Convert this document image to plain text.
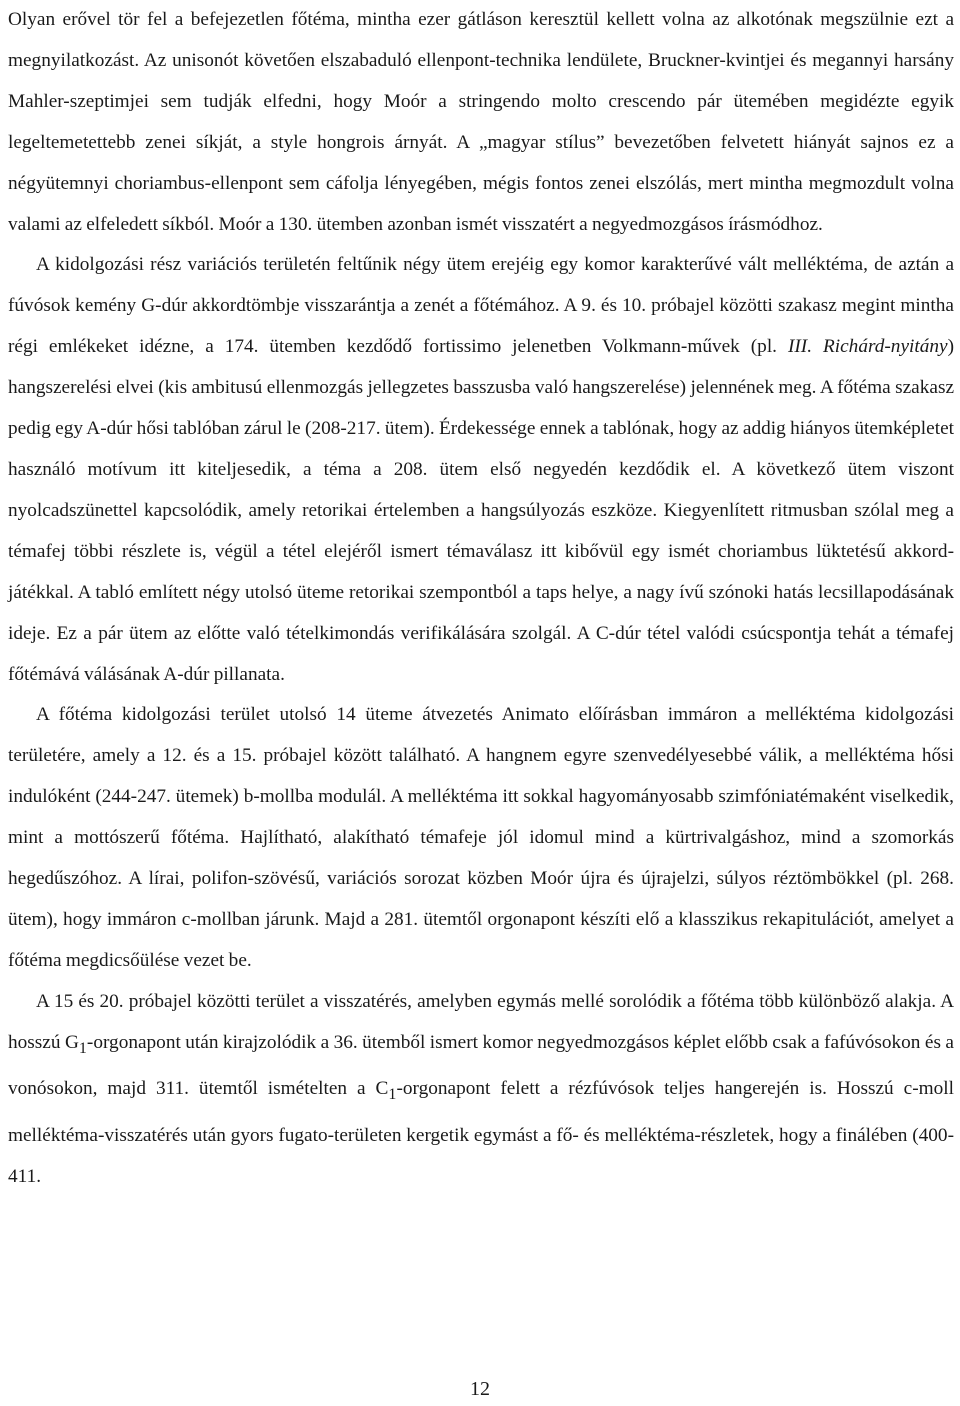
Olyan erővel tör fel a befejezetlen főtéma, mintha ezer gátláson keresztül kellett volna az alkotónak megszülnie ezt a megnyilatkozást. Az unisonót követően elszabaduló ellenpont-technika lendülete, Bruckner-kvintjei és megannyi harsány Mahler-szeptimjei sem tudják elfedni, hogy Moór a stringendo molto crescendo pár ütemében megidézte egyik legeltemetettebb zenei síkját, a style hongrois árnyát. A „magyar stílus” bevezetőben felvetett hiányát sajnos ez a négyütemnyi choriambus-ellenpont sem cáfolja lényegében, mégis fontos zenei elszólás, mert mintha megmozdult volna valami az elfeledett síkból. Moór a 130. ütemben azonban ismét visszatért a negyedmozgásos írásmódhoz.

A kidolgozási rész variációs területén feltűnik négy ütem erejéig egy komor karakterűvé vált melléktéma, de aztán a fúvósok kemény G-dúr akkordtömbje visszarántja a zenét a főtémához. A 9. és 10. próbajel közötti szakasz megint mintha régi emlékeket idézne, a 174. ütemben kezdődő fortissimo jelenetben Volkmann-művek (pl. III. Richárd-nyitány) hangszerelési elvei (kis ambitusú ellenmozgás jellegzetes basszusba való hangszerelése) jelennének meg. A főtéma szakasz pedig egy A-dúr hősi tablóban zárul le (208-217. ütem). Érdekessége ennek a tablónak, hogy az addig hiányos ütemképletet használó motívum itt kiteljesedik, a téma a 208. ütem első negyedén kezdődik el. A következő ütem viszont nyolcadszünettel kapcsolódik, amely retorikai értelemben a hangsúlyozás eszköze. Kiegyenlített ritmusban szólal meg a témafej többi részlete is, végül a tétel elejéről ismert témaválasz itt kibővül egy ismét choriambus lüktetésű akkord-játékkal. A tabló említett négy utolsó üteme retorikai szempontból a taps helye, a nagy ívű szónoki hatás lecsillapodásának ideje. Ez a pár ütem az előtte való tételkimondás verifikálására szolgál. A C-dúr tétel valódi csúcspontja tehát a témafej főtémává válásának A-dúr pillanata.

A főtéma kidolgozási terület utolsó 14 üteme átvezetés Animato előírásban immáron a melléktéma kidolgozási területére, amely a 12. és a 15. próbajel között található. A hangnem egyre szenvedélyesebbé válik, a melléktéma hősi indulóként (244-247. ütemek) b-mollba modulál. A melléktéma itt sokkal hagyományosabb szimfóniatémaként viselkedik, mint a mottószerű főtéma. Hajlítható, alakítható témafeje jól idomul mind a kürtrivalgáshoz, mind a szomorkás hegedűszóhoz. A lírai, polifon-szövésű, variációs sorozat közben Moór újra és újrajelzi, súlyos réztömbökkel (pl. 268. ütem), hogy immáron c-mollban járunk. Majd a 281. ütemtől orgonapont készíti elő a klasszikus rekapitulációt, amelyet a főtéma megdicsőülése vezet be.

A 15 és 20. próbajel közötti terület a visszatérés, amelyben egymás mellé sorolódik a főtéma több különböző alakja. A hosszú $G_1$-orgonapont után kirajzolódik a 36. ütemből ismert komor negyedmozgásos képlet előbb csak a fafúvósokon és a vonósokon, majd 311. ütemtől ismételten a $C_1$-orgonapont felett a rézfúvósok teljes hangerején is. Hosszú c-moll melléktéma-visszatérés után gyors fugato-területen kergetik egymást a fő- és melléktéma-részletek, hogy a finálében (400-411.

12
